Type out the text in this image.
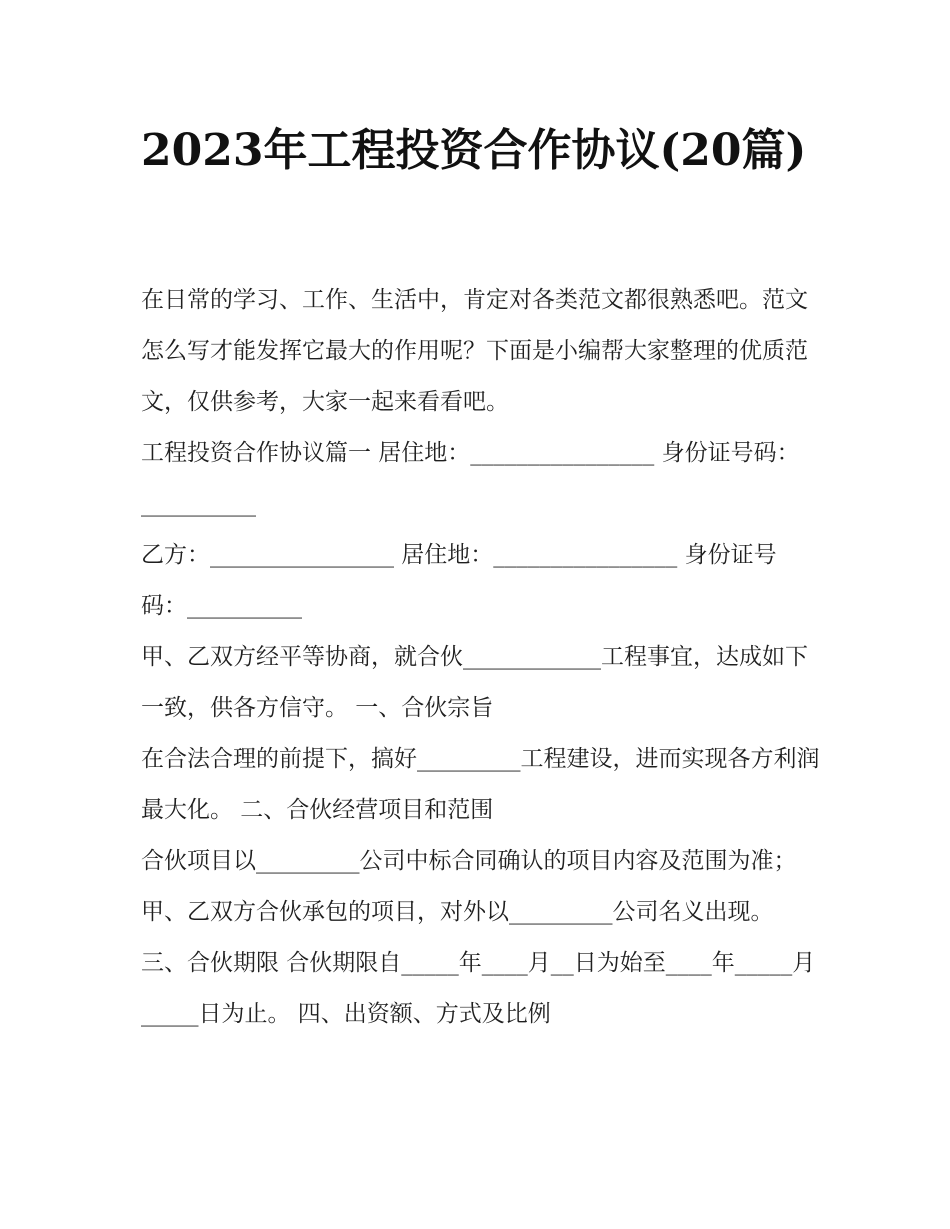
2023年工程投资合作协议(20篇)

在日常的学习、工作、生活中，肯定对各类范文都很熟悉吧。范文怎么写才能发挥它最大的作用呢？下面是小编帮大家整理的优质范文，仅供参考，大家一起来看看吧。

工程投资合作协议篇一 居住地：________________ 身份证号码：__________

乙方：________________ 居住地：________________ 身份证号码：__________

甲、乙双方经平等协商，就合伙____________工程事宜，达成如下一致，供各方信守。 一、合伙宗旨

在合法合理的前提下，搞好_________工程建设，进而实现各方利润最大化。 二、合伙经营项目和范围

合伙项目以_________公司中标合同确认的项目内容及范围为准； 甲、乙双方合伙承包的项目，对外以_________公司名义出现。

三、合伙期限 合伙期限自_____年____月__日为始至____年_____月_____日为止。 四、出资额、方式及比例
